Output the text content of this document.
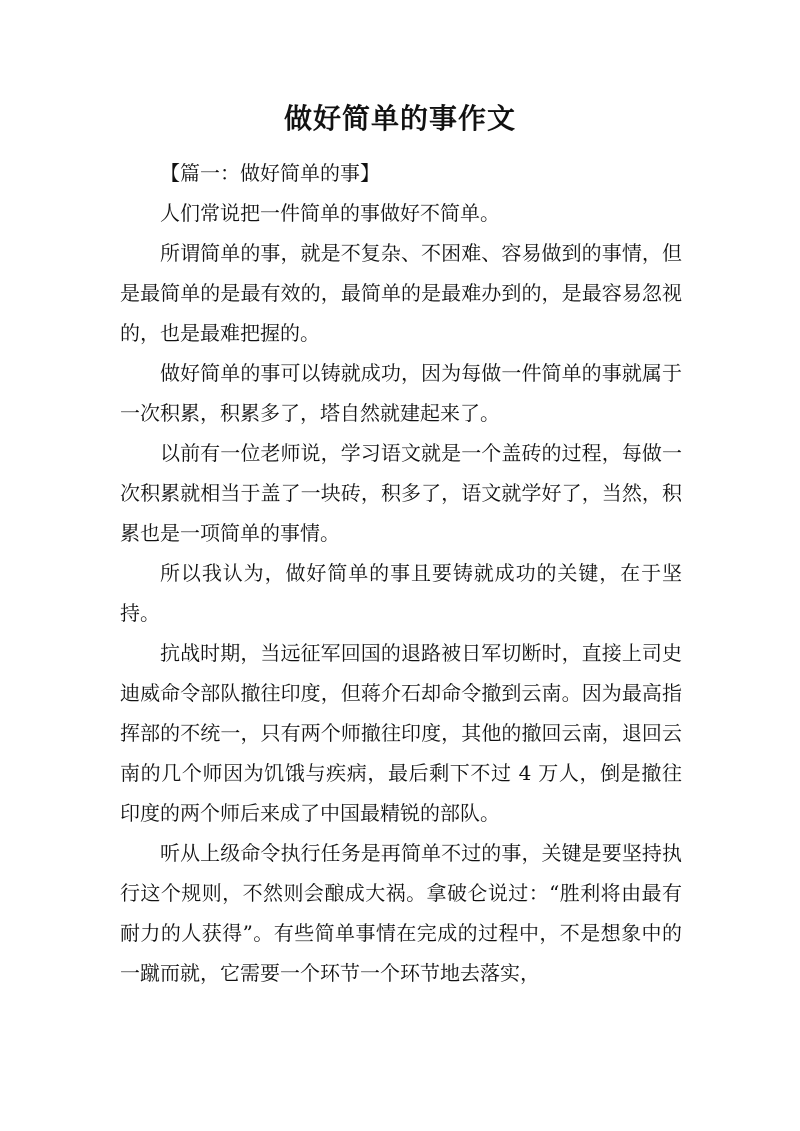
做好简单的事作文

【篇一：做好简单的事】

人们常说把一件简单的事做好不简单。

所谓简单的事，就是不复杂、不困难、容易做到的事情，但是最简单的是最有效的，最简单的是最难办到的，是最容易忽视的，也是最难把握的。

做好简单的事可以铸就成功，因为每做一件简单的事就属于一次积累，积累多了，塔自然就建起来了。

以前有一位老师说，学习语文就是一个盖砖的过程，每做一次积累就相当于盖了一块砖，积多了，语文就学好了，当然，积累也是一项简单的事情。

所以我认为，做好简单的事且要铸就成功的关键，在于坚持。

抗战时期，当远征军回国的退路被日军切断时，直接上司史迪威命令部队撤往印度，但蒋介石却命令撤到云南。因为最高指挥部的不统一，只有两个师撤往印度，其他的撤回云南，退回云南的几个师因为饥饿与疾病，最后剩下不过 4 万人，倒是撤往印度的两个师后来成了中国最精锐的部队。

听从上级命令执行任务是再简单不过的事，关键是要坚持执行这个规则，不然则会酿成大祸。拿破仑说过：“胜利将由最有耐力的人获得”。有些简单事情在完成的过程中，不是想象中的一蹴而就，它需要一个环节一个环节地去落实，
